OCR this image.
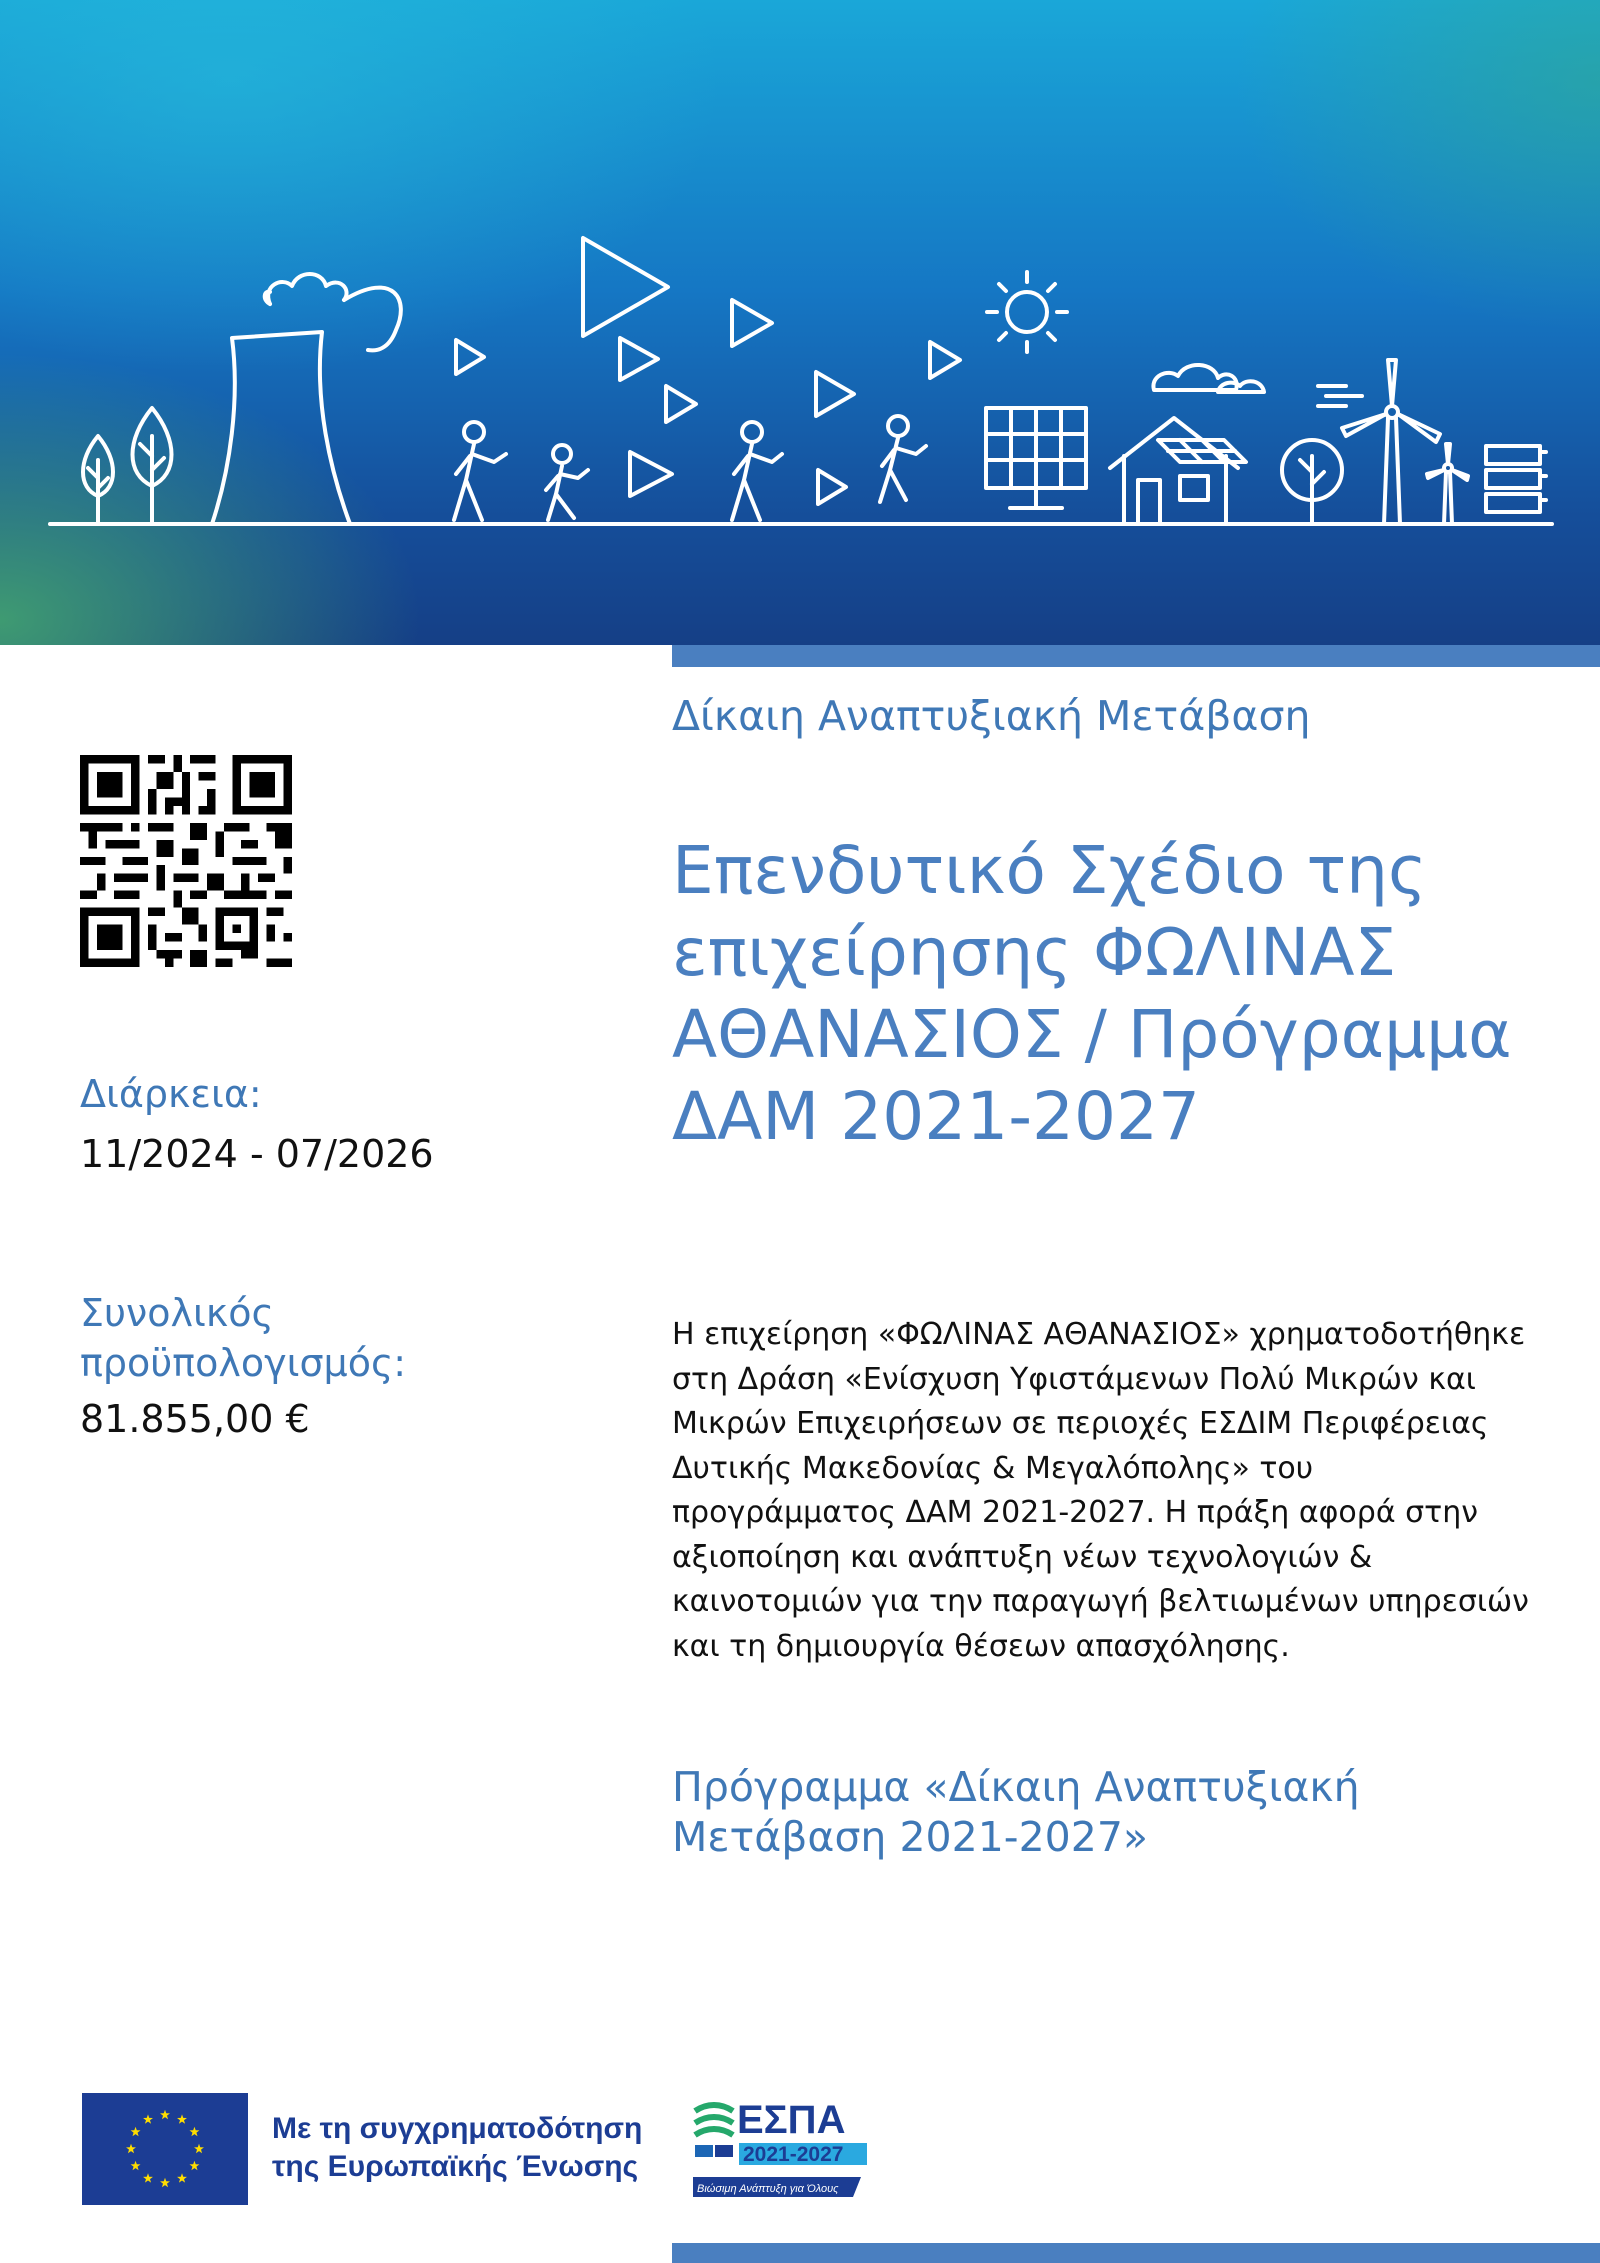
Διάρκεια:
11/2024 - 07/2026
Συνολικός προϋπολογισμός:
81.855,00 €
Δίκαιη Αναπτυξιακή Μετάβαση
Επενδυτικό Σχέδιο της επιχείρησης ΦΩΛΙΝΑΣ ΑΘΑΝΑΣΙΟΣ / Πρόγραμμα ΔΑΜ 2021-2027

Η επιχείρηση «ΦΩΛΙΝΑΣ ΑΘΑΝΑΣΙΟΣ» χρηματοδοτήθηκε στη Δράση «Ενίσχυση Υφιστάμενων Πολύ Μικρών και Μικρών Επιχειρήσεων σε περιοχές ΕΣΔΙΜ Περιφέρειας Δυτικής Μακεδονίας & Μεγαλόπολης» του προγράμματος ΔΑΜ 2021-2027. Η πράξη αφορά στην αξιοποίηση και ανάπτυξη νέων τεχνολογιών & καινοτομιών για την παραγωγή βελτιωμένων υπηρεσιών και τη δημιουργία θέσεων απασχόλησης.

Πρόγραμμα «Δίκαιη Αναπτυξιακή Μετάβαση 2021-2027»
Με τη συγχρηματοδότηση
της Ευρωπαϊκής Ένωσης
ΕΣΠΑ
2021-2027
Βιώσιμη Ανάπτυξη για Όλους
